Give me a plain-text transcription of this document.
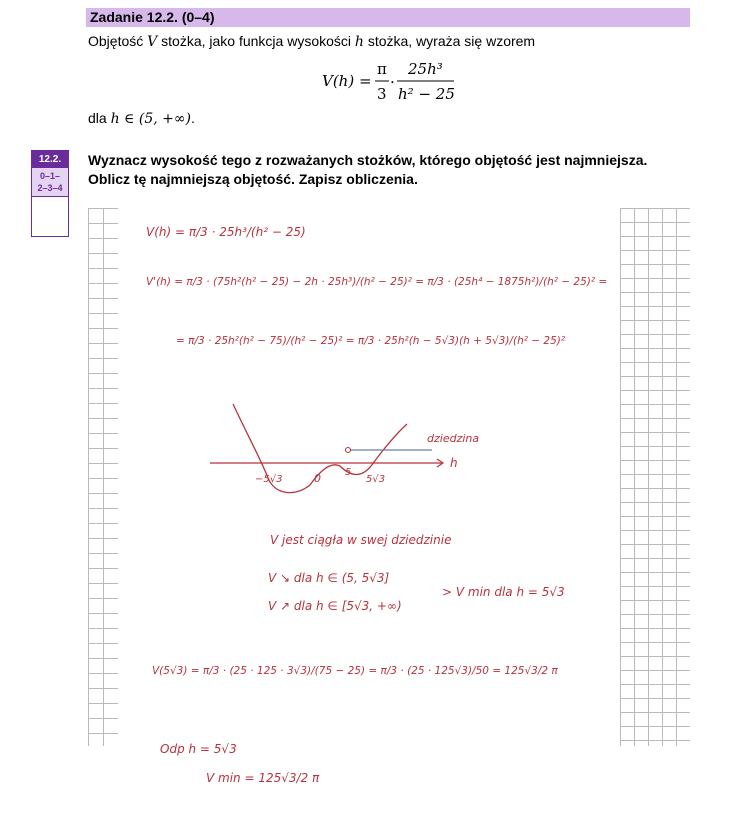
Zadanie 12.2. (0–4)
Objętość V stożka, jako funkcja wysokości h stożka, wyraża się wzorem
V(h) =
π
3
·
25h³
h² − 25
dla h ∈ (5, +∞).
12.2.
0–1–
2–3–4
Wyznacz wysokość tego z rozważanych stożków, którego objętość jest najmniejsza.
Oblicz tę najmniejszą objętość. Zapisz obliczenia.
V(h) = π/3 · 25h³/(h² − 25)
V'(h) = π/3 · (75h²(h² − 25) − 2h · 25h³)/(h² − 25)² = π/3 · (25h⁴ − 1875h²)/(h² − 25)² =
= π/3 · 25h²(h² − 75)/(h² − 25)² = π/3 · 25h²(h − 5√3)(h + 5√3)/(h² − 25)²
dziedzina
h
−5√3	0 5
5√3
V jest ciągła w swej dziedzinie
V ↘ dla h ∈ (5, 5√3]
V ↗ dla h ∈ [5√3, +∞)
> V min dla h = 5√3
V(5√3) = π/3 · (25 · 125 · 3√3)/(75 − 25) = π/3 · (25 · 125√3)/50 = 125√3/2 π
Odp h = 5√3
V min = 125√3/2 π
